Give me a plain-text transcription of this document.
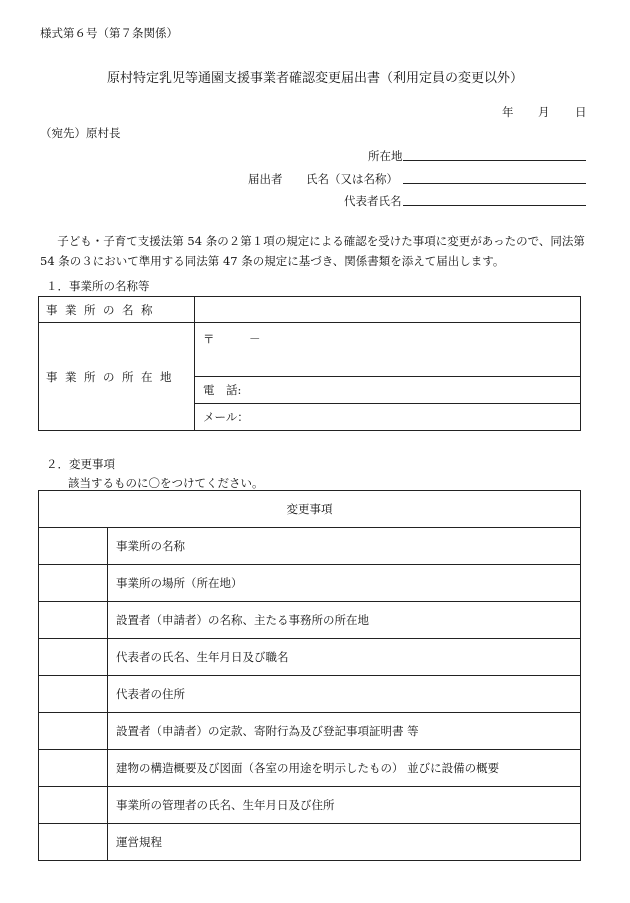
様式第６号（第７条関係）
原村特定乳児等通園支援事業者確認変更届出書（利用定員の変更以外）
年 月 日
（宛先）原村長
所在地
届出者 氏名（又は名称）
代表者氏名
子ども・子育て支援法第 54 条の２第１項の規定による確認を受けた事項に変更があったので、同法第 54 条の３において準用する同法第 47 条の規定に基づき、関係書類を添えて届出します。
１．事業所の名称等
事業所の名称	
事業所の所在地	〒　　　－

	電　話:

	メール：
２．変更事項
該当するものに〇をつけてください。
変更事項	
	事業所の名称
	事業所の場所（所在地）
	設置者（申請者）の名称、主たる事務所の所在地
	代表者の氏名、生年月日及び職名
	代表者の住所
	設置者（申請者）の定款、寄附行為及び登記事項証明書 等
	建物の構造概要及び図面（各室の用途を明示したもの） 並びに設備の概要
	事業所の管理者の氏名、生年月日及び住所
	運営規程
